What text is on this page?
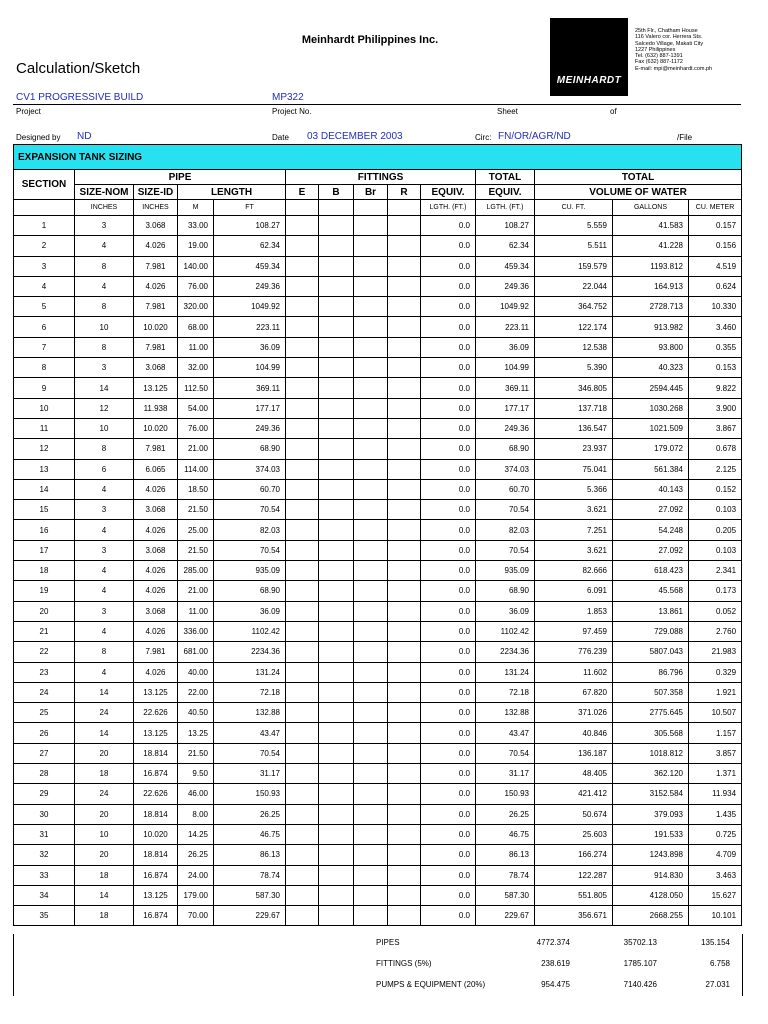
Meinhardt Philippines Inc.
Calculation/Sketch
MEINHARDT
25th Flr., Chatham House
116 Valero cor. Herrera Sts.
Salcedo Village, Makati City
1227 Philippines
Tel. (632) 887-1391
Fax (632) 887-1172
E-mail: mpi@meinhardt.com.ph
CV1 PROGRESSIVE BUILD	MP322
Project	Project No.	Sheet	of
Designed by ND	Date 03 DECEMBER 2003	Circ: FN/OR/AGR/ND	/File
EXPANSION TANK SIZING													
SECTION	PIPE				FITTINGS					TOTAL	TOTAL		
	SIZE-NOM	SIZE-ID	LENGTH		E	B	Br	R	EQUIV.	EQUIV.	VOLUME OF WATER		
	INCHES	INCHES	M	FT					LGTH. (FT.)	LGTH. (FT.)	CU. FT.	GALLONS	CU. METER
1	3	3.068	33.00	108.27					0.0	108.27	5.559	41.583	0.157
2	4	4.026	19.00	62.34					0.0	62.34	5.511	41.228	0.156
3	8	7.981	140.00	459.34					0.0	459.34	159.579	1193.812	4.519
4	4	4.026	76.00	249.36					0.0	249.36	22.044	164.913	0.624
5	8	7.981	320.00	1049.92					0.0	1049.92	364.752	2728.713	10.330
6	10	10.020	68.00	223.11					0.0	223.11	122.174	913.982	3.460
7	8	7.981	11.00	36.09					0.0	36.09	12.538	93.800	0.355
8	3	3.068	32.00	104.99					0.0	104.99	5.390	40.323	0.153
9	14	13.125	112.50	369.11					0.0	369.11	346.805	2594.445	9.822
10	12	11.938	54.00	177.17					0.0	177.17	137.718	1030.268	3.900
11	10	10.020	76.00	249.36					0.0	249.36	136.547	1021.509	3.867
12	8	7.981	21.00	68.90					0.0	68.90	23.937	179.072	0.678
13	6	6.065	114.00	374.03					0.0	374.03	75.041	561.384	2.125
14	4	4.026	18.50	60.70					0.0	60.70	5.366	40.143	0.152
15	3	3.068	21.50	70.54					0.0	70.54	3.621	27.092	0.103
16	4	4.026	25.00	82.03					0.0	82.03	7.251	54.248	0.205
17	3	3.068	21.50	70.54					0.0	70.54	3.621	27.092	0.103
18	4	4.026	285.00	935.09					0.0	935.09	82.666	618.423	2.341
19	4	4.026	21.00	68.90					0.0	68.90	6.091	45.568	0.173
20	3	3.068	11.00	36.09					0.0	36.09	1.853	13.861	0.052
21	4	4.026	336.00	1102.42					0.0	1102.42	97.459	729.088	2.760
22	8	7.981	681.00	2234.36					0.0	2234.36	776.239	5807.043	21.983
23	4	4.026	40.00	131.24					0.0	131.24	11.602	86.796	0.329
24	14	13.125	22.00	72.18					0.0	72.18	67.820	507.358	1.921
25	24	22.626	40.50	132.88					0.0	132.88	371.026	2775.645	10.507
26	14	13.125	13.25	43.47					0.0	43.47	40.846	305.568	1.157
27	20	18.814	21.50	70.54					0.0	70.54	136.187	1018.812	3.857
28	18	16.874	9.50	31.17					0.0	31.17	48.405	362.120	1.371
29	24	22.626	46.00	150.93					0.0	150.93	421.412	3152.584	11.934
30	20	18.814	8.00	26.25					0.0	26.25	50.674	379.093	1.435
31	10	10.020	14.25	46.75					0.0	46.75	25.603	191.533	0.725
32	20	18.814	26.25	86.13					0.0	86.13	166.274	1243.898	4.709
33	18	16.874	24.00	78.74					0.0	78.74	122.287	914.830	3.463
34	14	13.125	179.00	587.30					0.0	587.30	551.805	4128.050	15.627
35	18	16.874	70.00	229.67					0.0	229.67	356.671	2668.255	10.101
PIPES	4772.374	35702.13	135.154
FITTINGS (5%)	238.619	1785.107	6.758
PUMPS & EQUIPMENT (20%)	954.475	7140.426	27.031
